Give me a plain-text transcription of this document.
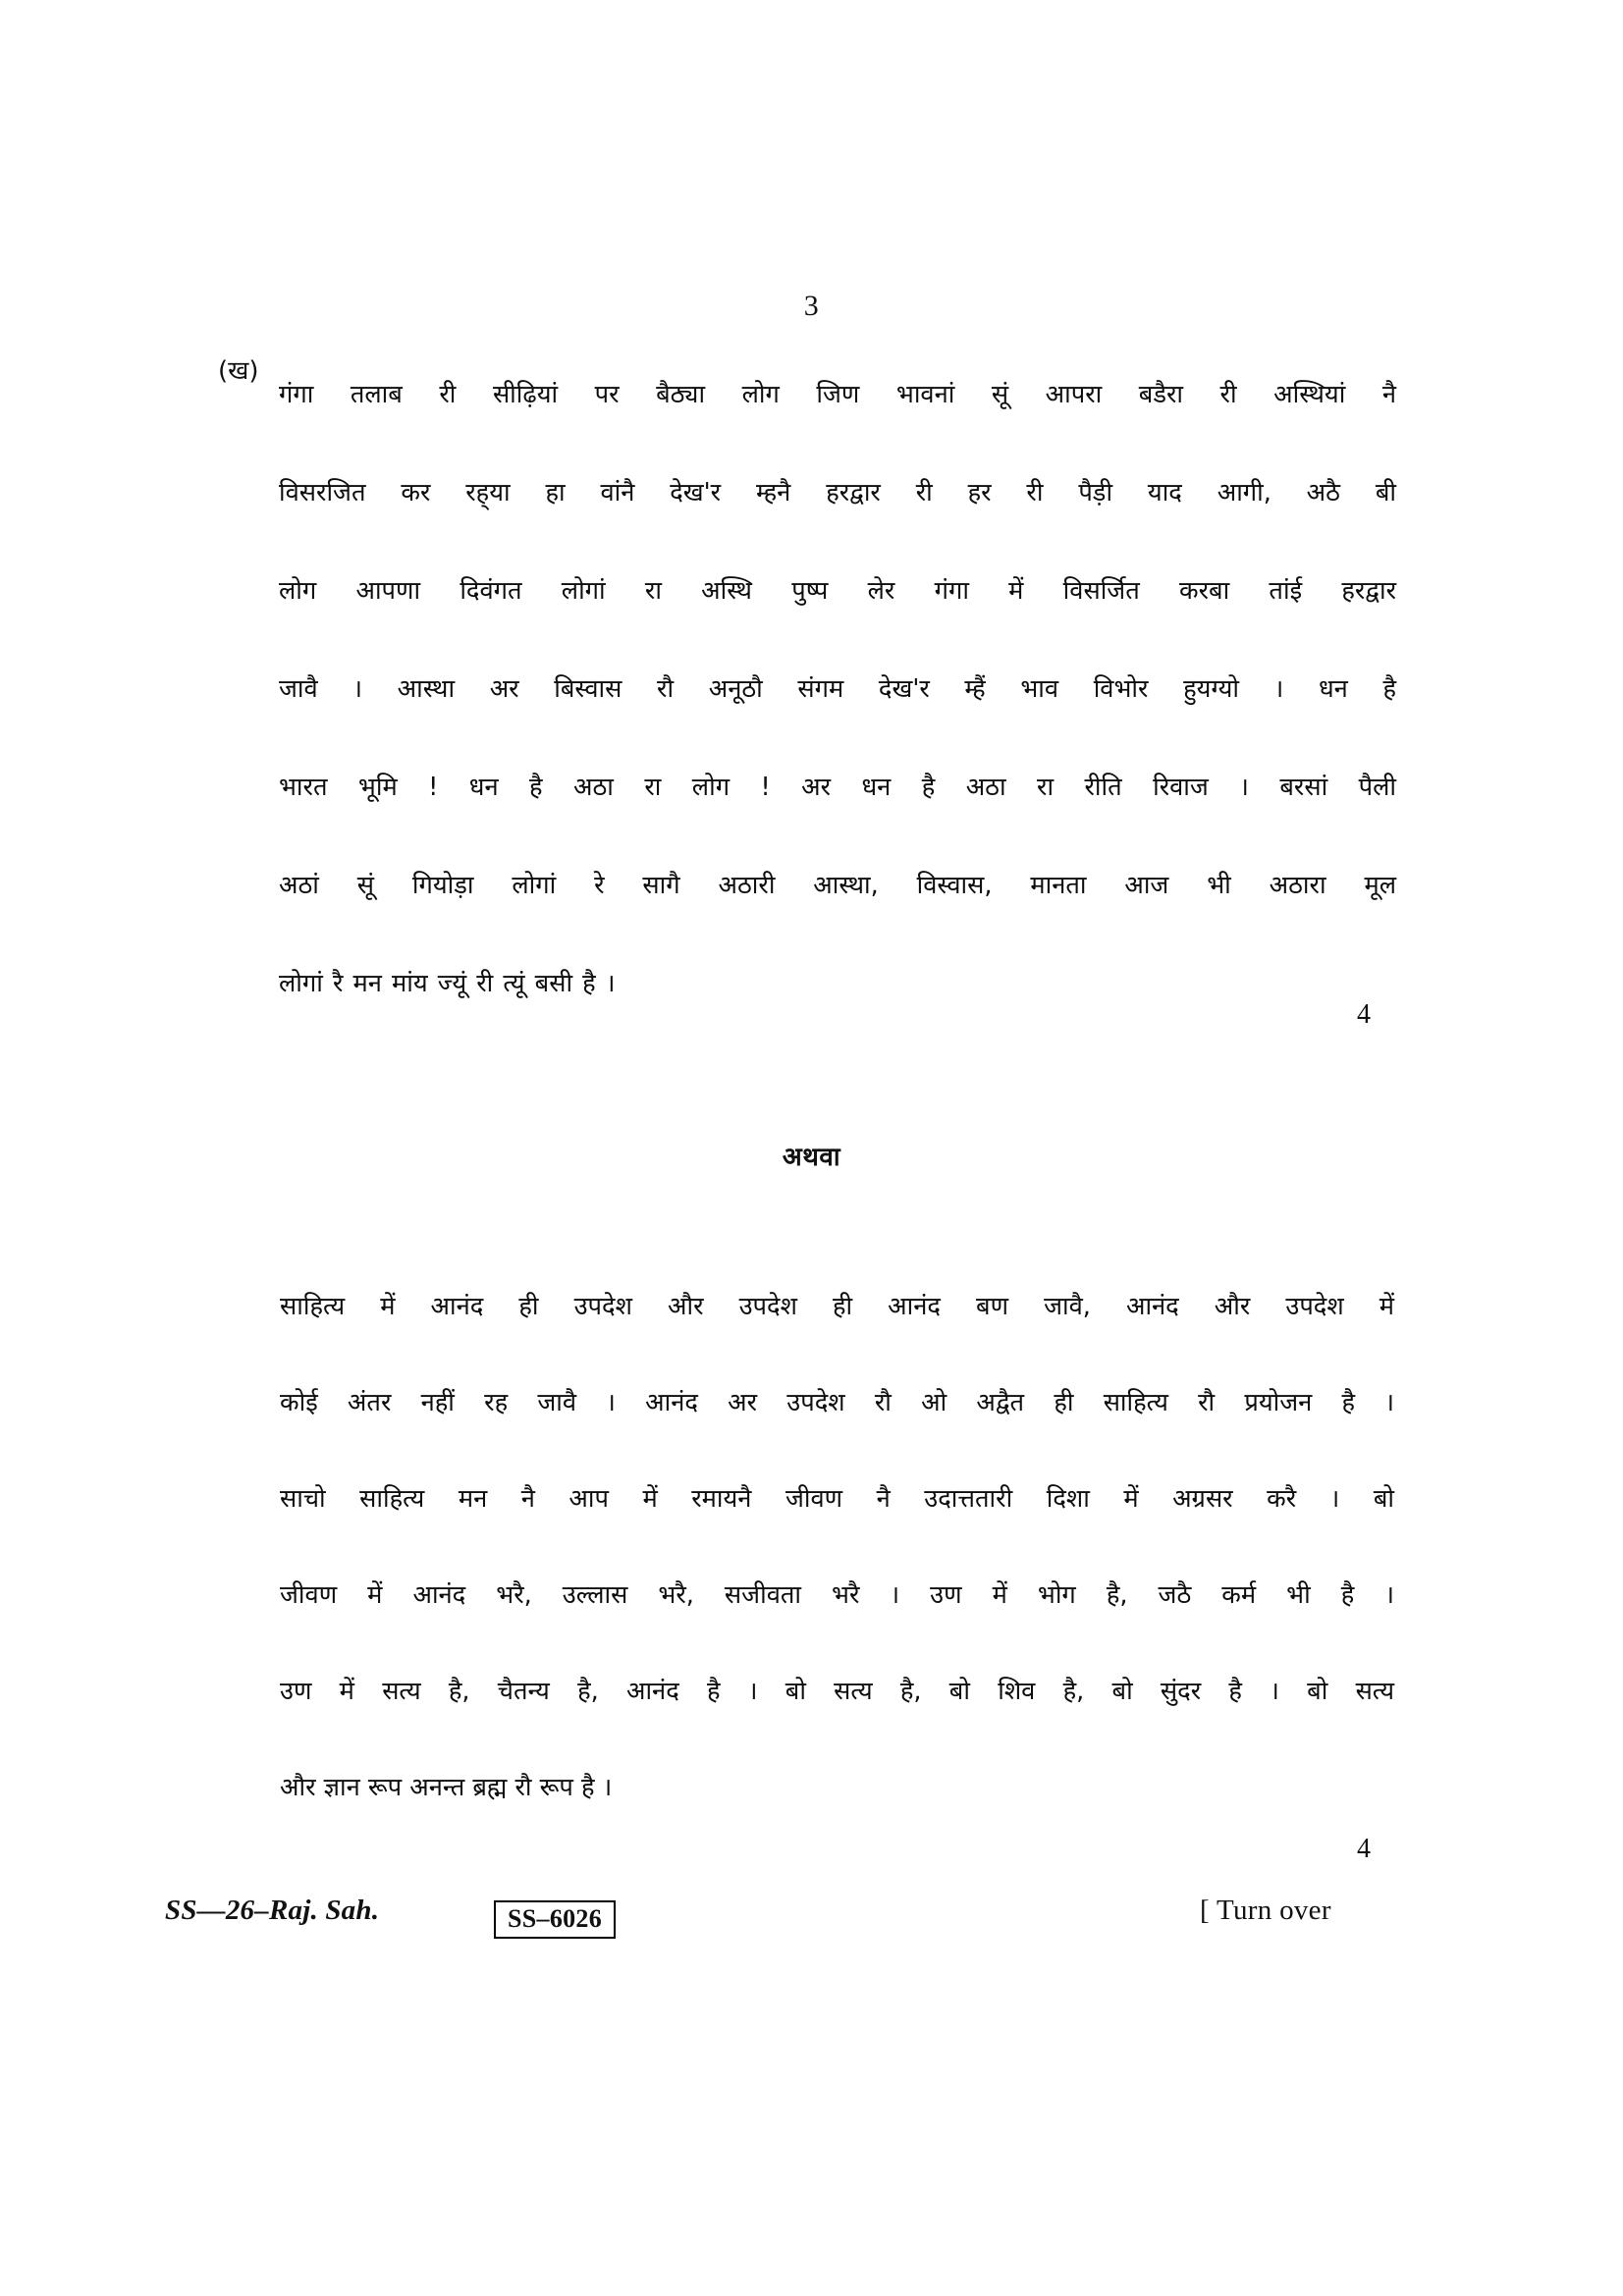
3
(ख)
गंगा तलाब री सीढ़ियां पर बैठ्या लोग जिण भावनां सूं आपरा बडैरा री अस्थियां नै
विसरजित कर रह्‌या हा वांनै देख'र म्हनै हरद्वार री हर री पैड़ी याद आगी, अठै बी
लोग आपणा दिवंगत लोगां रा अस्थि पुष्प लेर गंगा में विसर्जित करबा तांई हरद्वार
जावै । आस्था अर बिस्वास रौ अनूठौ संगम देख'र म्हैं भाव विभोर हुयग्यो । धन है
भारत भूमि ! धन है अठा रा लोग ! अर धन है अठा रा रीति रिवाज । बरसां पैली
अठां सूं गियोड़ा लोगां रे सागै अठारी आस्था, विस्वास, मानता आज भी अठारा मूल
लोगां रै मन मांय ज्यूं री त्यूं बसी है ।
4
अथवा
साहित्य में आनंद ही उपदेश और उपदेश ही आनंद बण जावै, आनंद और उपदेश में
कोई अंतर नहीं रह जावै । आनंद अर उपदेश रौ ओ अद्वैत ही साहित्य रौ प्रयोजन है ।
साचो साहित्य मन नै आप में रमायनै जीवण नै उदात्ततारी दिशा में अग्रसर करै । बो
जीवण में आनंद भरै, उल्लास भरै, सजीवता भरै । उण में भोग है, जठै कर्म भी है ।
उण में सत्य है, चैतन्य है, आनंद है । बो सत्य है, बो शिव है, बो सुंदर है । बो सत्य
और ज्ञान रूप अनन्त ब्रह्म रौ रूप है ।
4
SS—26–Raj. Sah.	SS–6026	[ Turn over
